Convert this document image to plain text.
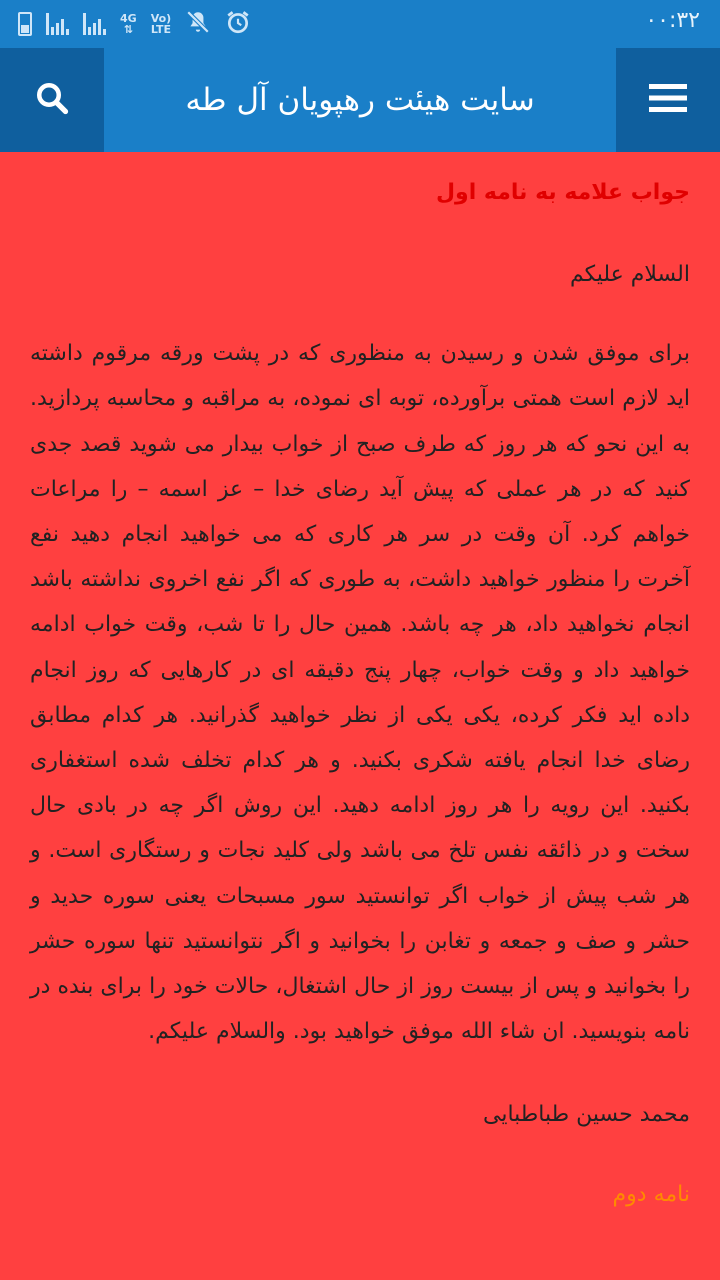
4G
⇅
Vo)
LTE	۰۰:۳۲
سایت هیئت رهپویان آل طه
جواب علامه به نامه اول

السلام علیکم

برای موفق شدن و رسیدن به منظوری که در پشت ورقه مرقوم داشته اید لازم است همتی برآورده، توبه ای نموده، به مراقبه و محاسبه پردازید. به این نحو که هر روز که طرف صبح از خواب بیدار می شوید قصد جدی کنید که در هر عملی که پیش آید رضای خدا – عز اسمه – را مراعات خواهم کرد. آن وقت در سر هر کاری که می خواهید انجام دهید نفع آخرت را منظور خواهید داشت، به طوری که اگر نفع اخروی نداشته باشد انجام نخواهید داد، هر چه باشد. همین حال را تا شب، وقت خواب ادامه خواهید داد و وقت خواب، چهار پنج دقیقه ای در کارهایی که روز انجام داده اید فکر کرده، یکی یکی از نظر خواهید گذرانید. هر کدام مطابق رضای خدا انجام یافته شکری بکنید. و هر کدام تخلف شده استغفاری بکنید. این رویه را هر روز ادامه دهید. این روش اگر چه در بادی حال سخت و در ذائقه نفس تلخ می باشد ولی کلید نجات و رستگاری است. و هر شب پیش از خواب اگر توانستید سور مسبحات یعنی سوره حدید و حشر و صف و جمعه و تغابن را بخوانید و اگر نتوانستید تنها سوره حشر را بخوانید و پس از بیست روز از حال اشتغال، حالات خود را برای بنده در نامه بنویسید. ان شاء الله موفق خواهید بود. والسلام علیکم.

محمد حسین طباطبایی

نامه دوم
